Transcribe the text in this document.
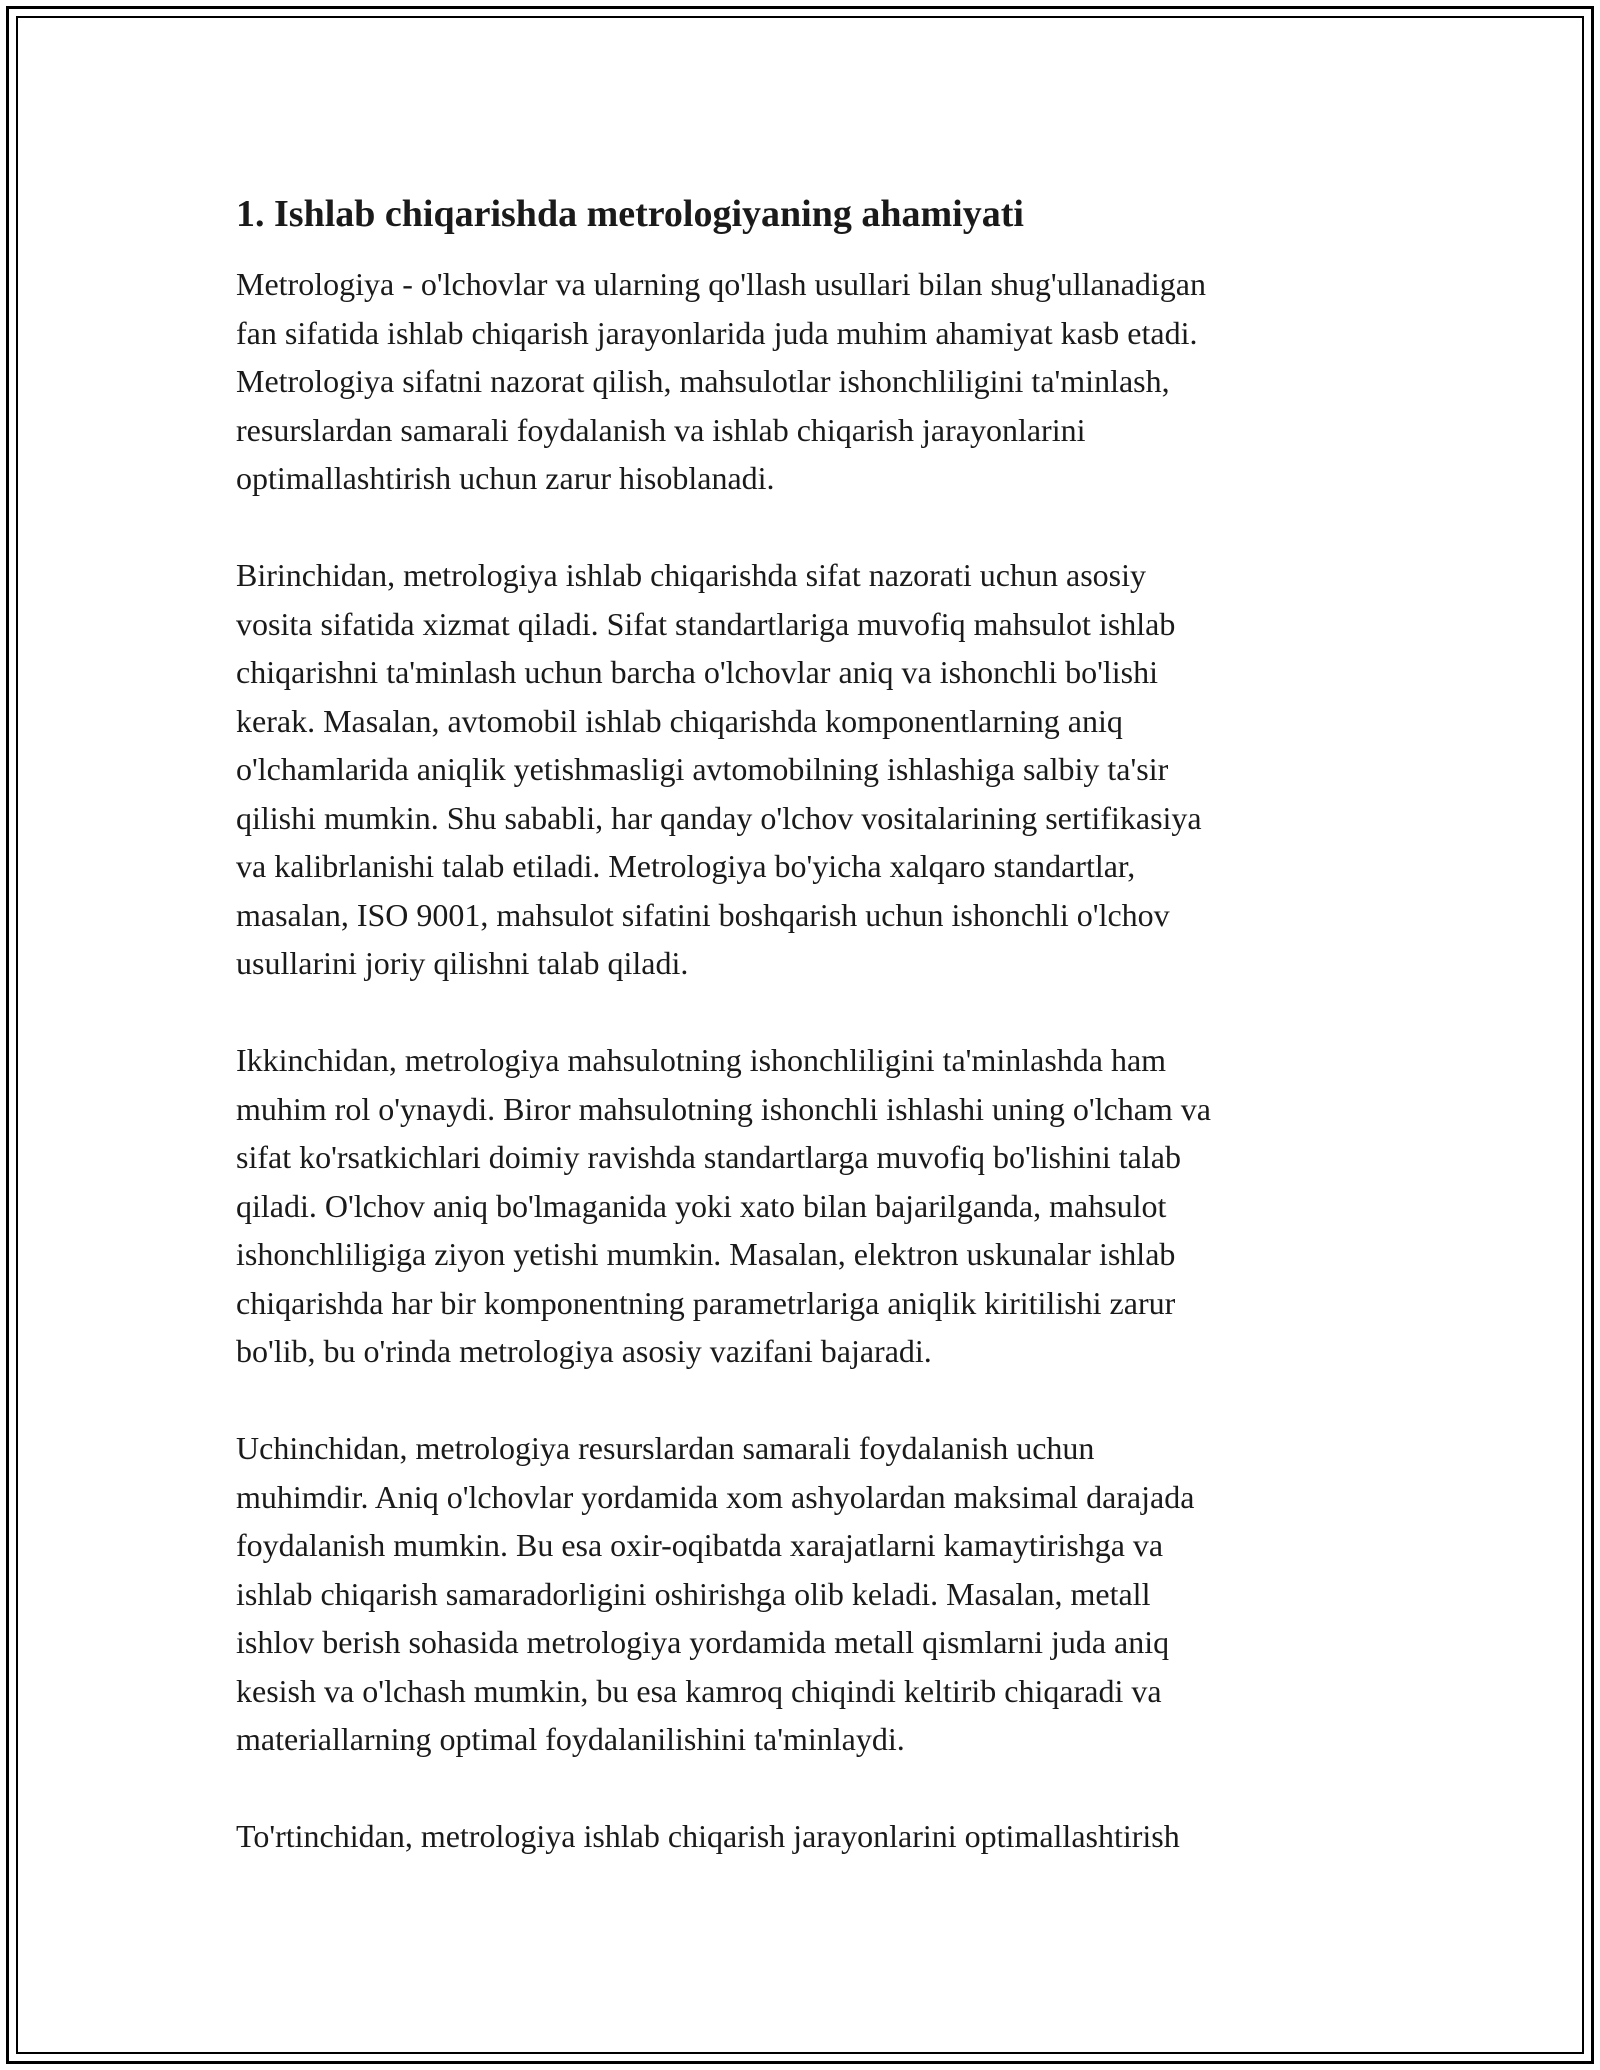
1. Ishlab chiqarishda metrologiyaning ahamiyati

Metrologiya - o'lchovlar va ularning qo'llash usullari bilan shug'ullanadigan
fan sifatida ishlab chiqarish jarayonlarida juda muhim ahamiyat kasb etadi.
Metrologiya sifatni nazorat qilish, mahsulotlar ishonchliligini ta'minlash,
resurslardan samarali foydalanish va ishlab chiqarish jarayonlarini
optimallashtirish uchun zarur hisoblanadi.

Birinchidan, metrologiya ishlab chiqarishda sifat nazorati uchun asosiy
vosita sifatida xizmat qiladi. Sifat standartlariga muvofiq mahsulot ishlab
chiqarishni ta'minlash uchun barcha o'lchovlar aniq va ishonchli bo'lishi
kerak. Masalan, avtomobil ishlab chiqarishda komponentlarning aniq
o'lchamlarida aniqlik yetishmasligi avtomobilning ishlashiga salbiy ta'sir
qilishi mumkin. Shu sababli, har qanday o'lchov vositalarining sertifikasiya
va kalibrlanishi talab etiladi. Metrologiya bo'yicha xalqaro standartlar,
masalan, ISO 9001, mahsulot sifatini boshqarish uchun ishonchli o'lchov
usullarini joriy qilishni talab qiladi.

Ikkinchidan, metrologiya mahsulotning ishonchliligini ta'minlashda ham
muhim rol o'ynaydi. Biror mahsulotning ishonchli ishlashi uning o'lcham va
sifat ko'rsatkichlari doimiy ravishda standartlarga muvofiq bo'lishini talab
qiladi. O'lchov aniq bo'lmaganida yoki xato bilan bajarilganda, mahsulot
ishonchliligiga ziyon yetishi mumkin. Masalan, elektron uskunalar ishlab
chiqarishda har bir komponentning parametrlariga aniqlik kiritilishi zarur
bo'lib, bu o'rinda metrologiya asosiy vazifani bajaradi.

Uchinchidan, metrologiya resurslardan samarali foydalanish uchun
muhimdir. Aniq o'lchovlar yordamida xom ashyolardan maksimal darajada
foydalanish mumkin. Bu esa oxir-oqibatda xarajatlarni kamaytirishga va
ishlab chiqarish samaradorligini oshirishga olib keladi. Masalan, metall
ishlov berish sohasida metrologiya yordamida metall qismlarni juda aniq
kesish va o'lchash mumkin, bu esa kamroq chiqindi keltirib chiqaradi va
materiallarning optimal foydalanilishini ta'minlaydi.

To'rtinchidan, metrologiya ishlab chiqarish jarayonlarini optimallashtirish
